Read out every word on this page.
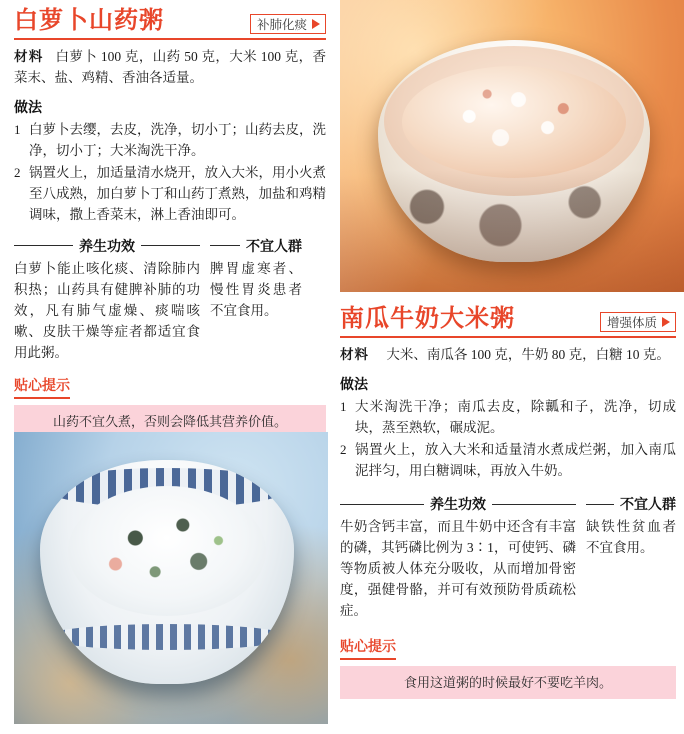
白萝卜山药粥	补肺化痰
材料 白萝卜 100 克，山药 50 克，大米 100 克，香菜末、盐、鸡精、香油各适量。
做法
1 白萝卜去缨，去皮，洗净，切小丁；山药去皮，洗净，切小丁；大米淘洗干净。
2 锅置火上，加适量清水烧开，放入大米，用小火煮至八成熟，加白萝卜丁和山药丁煮熟，加盐和鸡精调味，撒上香菜末，淋上香油即可。
养生功效
白萝卜能止咳化痰、清除肺内积热；山药具有健脾补肺的功效，凡有肺气虚燥、痰喘咳嗽、皮肤干燥等症者都适宜食用此粥。
不宜人群
脾胃虚寒者、慢性胃炎患者不宜食用。
贴心提示
山药不宜久煮，否则会降低其营养价值。
南瓜牛奶大米粥	增强体质
材料 大米、南瓜各 100 克，牛奶 80 克，白糖 10 克。
做法
1 大米淘洗干净；南瓜去皮，除瓤和子，洗净，切成块，蒸至熟软，碾成泥。
2 锅置火上，放入大米和适量清水煮成烂粥，加入南瓜泥拌匀，用白糖调味，再放入牛奶。
养生功效
牛奶含钙丰富，而且牛奶中还含有丰富的磷，其钙磷比例为 3∶1，可使钙、磷等物质被人体充分吸收，从而增加骨密度，强健骨骼，并可有效预防骨质疏松症。
不宜人群
缺铁性贫血者不宜食用。
贴心提示
食用这道粥的时候最好不要吃羊肉。
